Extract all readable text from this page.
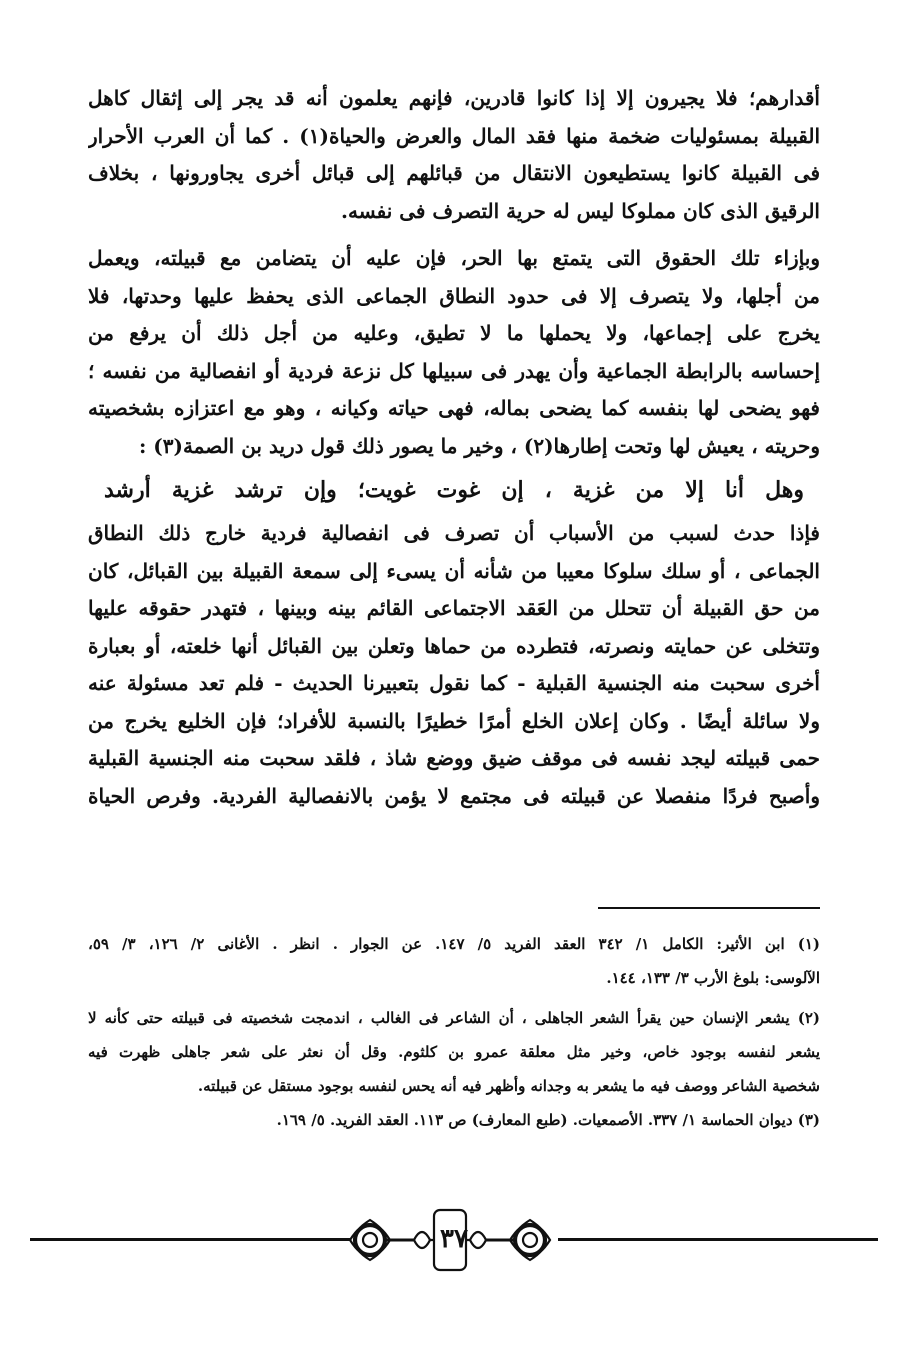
أقدارهم؛ فلا يجيرون إلا إذا كانوا قادرين، فإنهم يعلمون أنه قد يجر إلى إثقال كاهل
القبيلة بمسئوليات ضخمة منها فقد المال والعرض والحياة(١) . كما أن العرب الأحرار
فى القبيلة كانوا يستطيعون الانتقال من قبائلهم إلى قبائل أخرى يجاورونها ، بخلاف
الرقيق الذى كان مملوكا ليس له حرية التصرف فى نفسه.
وبإزاء تلك الحقوق التى يتمتع بها الحر، فإن عليه أن يتضامن مع قبيلته، ويعمل
من أجلها، ولا يتصرف إلا فى حدود النطاق الجماعى الذى يحفظ عليها وحدتها، فلا
يخرج على إجماعها، ولا يحملها ما لا تطيق، وعليه من أجل ذلك أن يرفع من
إحساسه بالرابطة الجماعية وأن يهدر فى سبيلها كل نزعة فردية أو انفصالية من نفسه ؛
فهو يضحى لها بنفسه كما يضحى بماله، فهى حياته وكيانه ، وهو مع اعتزازه بشخصيته
وحريته ، يعيش لها وتحت إطارها(٢) ، وخير ما يصور ذلك قول دريد بن الصمة(٣) :
وهل أنا إلا من غزية ، إن غوت غويت؛ وإن ترشد غزية أرشد
فإذا حدث لسبب من الأسباب أن تصرف فى انفصالية فردية خارج ذلك النطاق
الجماعى ، أو سلك سلوكا معيبا من شأنه أن يسىء إلى سمعة القبيلة بين القبائل، كان
من حق القبيلة أن تتحلل من العَقد الاجتماعى القائم بينه وبينها ، فتهدر حقوقه عليها
وتتخلى عن حمايته ونصرته، فتطرده من حماها وتعلن بين القبائل أنها خلعته، أو بعبارة
أخرى سحبت منه الجنسية القبلية - كما نقول بتعبيرنا الحديث - فلم تعد مسئولة عنه
ولا سائلة أيضًا . وكان إعلان الخلع أمرًا خطيرًا بالنسبة للأفراد؛ فإن الخليع يخرج من
حمى قبيلته ليجد نفسه فى موقف ضيق ووضع شاذ ، فلقد سحبت منه الجنسية القبلية
وأصبح فردًا منفصلا عن قبيلته فى مجتمع لا يؤمن بالانفصالية الفردية. وفرص الحياة
(١) ابن الأثير: الكامل ١/ ٣٤٢ العقد الفريد ٥/ ١٤٧. عن الجوار . انظر . الأغانى ٢/ ١٢٦، ٣/ ٥٩،
الآلوسى: بلوغ الأرب ٣/ ١٣٣، ١٤٤.
(٢) يشعر الإنسان حين يقرأ الشعر الجاهلى ، أن الشاعر فى الغالب ، اندمجت شخصيته فى قبيلته حتى كأنه لا
يشعر لنفسه بوجود خاص، وخير مثل معلقة عمرو بن كلثوم. وقل أن نعثر على شعر جاهلى ظهرت فيه
شخصية الشاعر ووصف فيه ما يشعر به وجدانه وأظهر فيه أنه يحس لنفسه بوجود مستقل عن قبيلته.
(٣) ديوان الحماسة ١/ ٣٣٧. الأصمعيات. (طبع المعارف) ص ١١٣. العقد الفريد. ٥/ ١٦٩.
٣٧
